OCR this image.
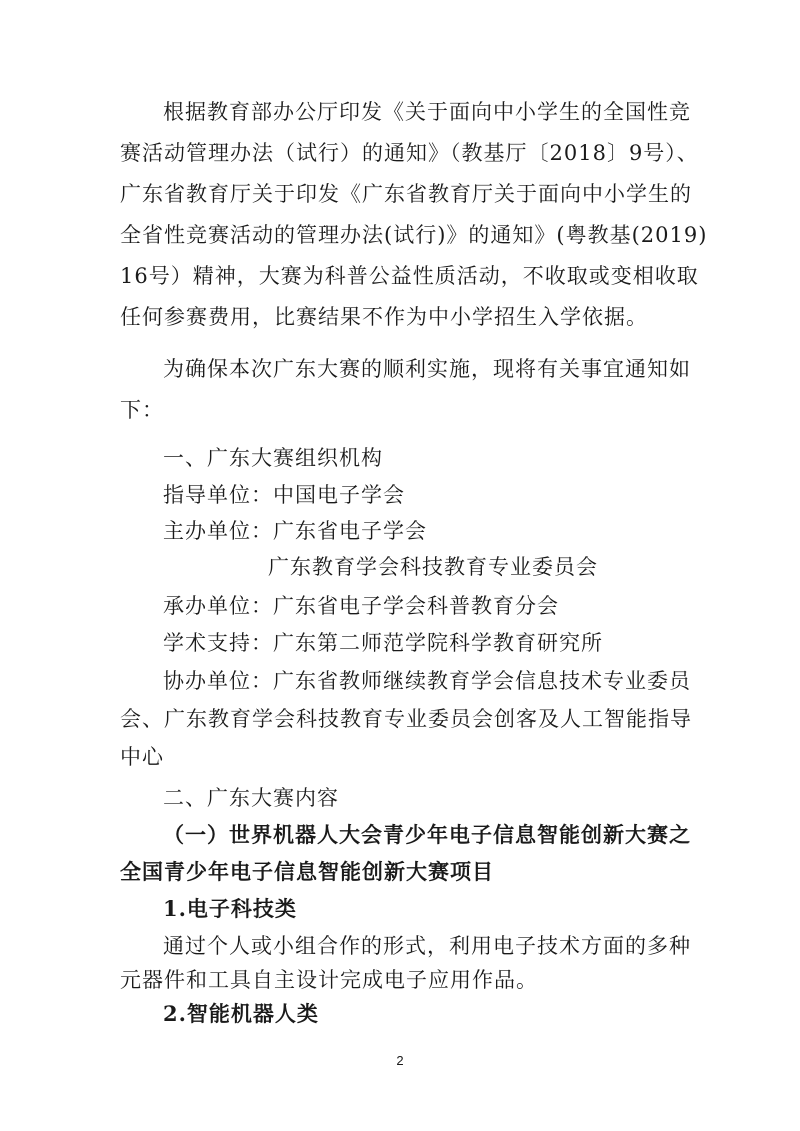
根据教育部办公厅印发《关于面向中小学生的全国性竞
赛活动管理办法（试行）的通知》（教基厅〔2018〕9号）、
广东省教育厅关于印发《广东省教育厅关于面向中小学生的
全省性竞赛活动的管理办法(试行)》的通知》(粤教基(2019)
16号）精神，大赛为科普公益性质活动，不收取或变相收取
任何参赛费用，比赛结果不作为中小学招生入学依据。
为确保本次广东大赛的顺利实施，现将有关事宜通知如
下：
一、广东大赛组织机构
指导单位：中国电子学会
主办单位：广东省电子学会
广东教育学会科技教育专业委员会
承办单位：广东省电子学会科普教育分会
学术支持：广东第二师范学院科学教育研究所
协办单位：广东省教师继续教育学会信息技术专业委员
会、广东教育学会科技教育专业委员会创客及人工智能指导
中心
二、广东大赛内容
（一）世界机器人大会青少年电子信息智能创新大赛之
全国青少年电子信息智能创新大赛项目
1.电子科技类
通过个人或小组合作的形式，利用电子技术方面的多种
元器件和工具自主设计完成电子应用作品。
2.智能机器人类
2
